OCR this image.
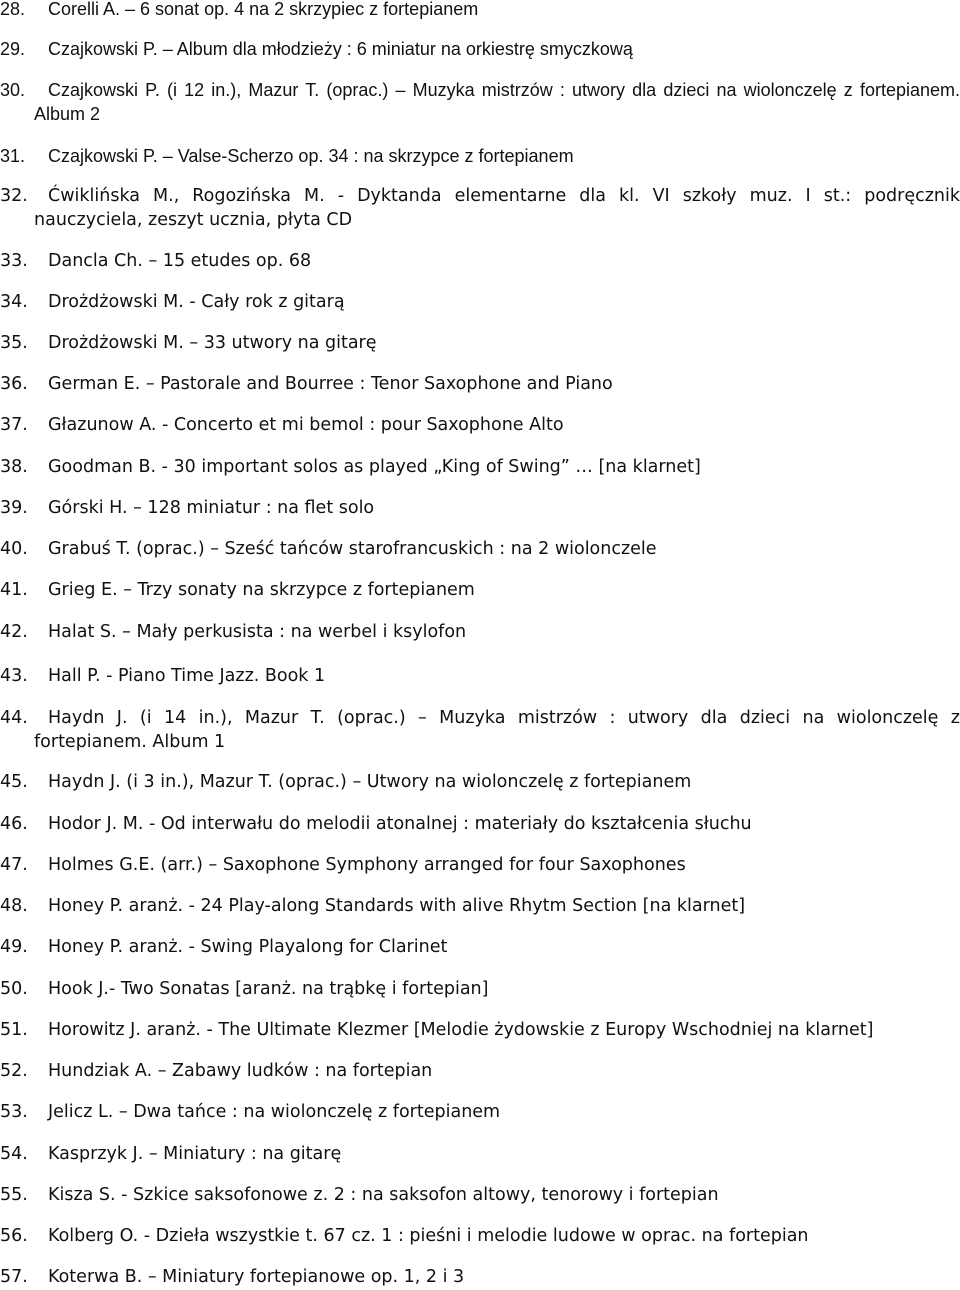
28. Corelli A. – 6 sonat op. 4 na 2 skrzypiec z fortepianem
29. Czajkowski P. – Album dla młodzieży : 6 miniatur na orkiestrę smyczkową
30. Czajkowski P. (i 12 in.), Mazur T. (oprac.) – Muzyka mistrzów : utwory dla dzieci na wiolonczelę z fortepianem. Album 2
31. Czajkowski P. – Valse-Scherzo op. 34 : na skrzypce z fortepianem
32. Ćwiklińska M., Rogozińska M. - Dyktanda elementarne dla kl. VI szkoły muz. I st.: podręcznik nauczyciela, zeszyt ucznia, płyta CD
33. Dancla Ch. – 15 etudes op. 68
34. Drożdżowski M. - Cały rok z gitarą
35. Drożdżowski M. – 33 utwory na gitarę
36. German E. – Pastorale and Bourree : Tenor Saxophone and Piano
37. Głazunow A. - Concerto et mi bemol : pour Saxophone Alto
38. Goodman B. - 30 important solos as played „King of Swing” … [na klarnet]
39. Górski H. – 128 miniatur : na flet solo
40. Grabuś T. (oprac.) – Sześć tańców starofrancuskich : na 2 wiolonczele
41. Grieg E. – Trzy sonaty na skrzypce z fortepianem
42. Halat S. – Mały perkusista : na werbel i ksylofon
43. Hall P. - Piano Time Jazz. Book 1
44. Haydn J. (i 14 in.), Mazur T. (oprac.) – Muzyka mistrzów : utwory dla dzieci na wiolonczelę z fortepianem. Album 1
45. Haydn J. (i 3 in.), Mazur T. (oprac.) – Utwory na wiolonczelę z fortepianem
46. Hodor J. M. - Od interwału do melodii atonalnej : materiały do kształcenia słuchu
47. Holmes G.E. (arr.) – Saxophone Symphony arranged for four Saxophones
48. Honey P. aranż. - 24 Play-along Standards with alive Rhytm Section [na klarnet]
49. Honey P. aranż. - Swing Playalong for Clarinet
50. Hook J.- Two Sonatas [aranż. na trąbkę i fortepian]
51. Horowitz J. aranż. - The Ultimate Klezmer [Melodie żydowskie z Europy Wschodniej na klarnet]
52. Hundziak A. – Zabawy ludków : na fortepian
53. Jelicz L. – Dwa tańce : na wiolonczelę z fortepianem
54. Kasprzyk J. – Miniatury : na gitarę
55. Kisza S. - Szkice saksofonowe z. 2 : na saksofon altowy, tenorowy i fortepian
56. Kolberg O. - Dzieła wszystkie t. 67 cz. 1 : pieśni i melodie ludowe w oprac. na fortepian
57. Koterwa B. – Miniatury fortepianowe op. 1, 2 i 3
